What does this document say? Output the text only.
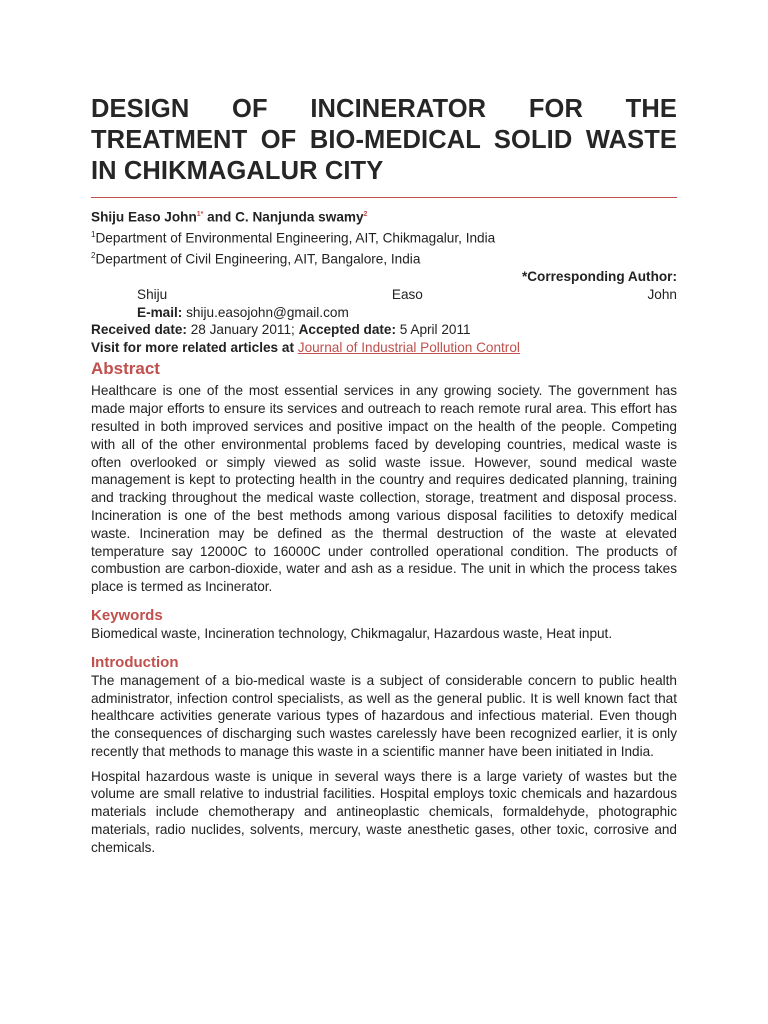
DESIGN OF INCINERATOR FOR THE
TREATMENT OF BIO-MEDICAL SOLID WASTE
IN CHIKMAGALUR CITY

Shiju Easo John$^{1*}$ and C. Nanjunda swamy$^2$

$^1$Department of Environmental Engineering, AIT, Chikmagalur, India

$^2$Department of Civil Engineering, AIT, Bangalore, India

*Corresponding Author:
Shiju	Easo	John
E-mail: shiju.easojohn@gmail.com
Received date: 28 January 2011; Accepted date: 5 April 2011
Visit for more related articles at Journal of Industrial Pollution Control
Abstract

Healthcare is one of the most essential services in any growing society. The government has made major efforts to ensure its services and outreach to reach remote rural area. This effort has resulted in both improved services and positive impact on the health of the people. Competing with all of the other environmental problems faced by developing countries, medical waste is often overlooked or simply viewed as solid waste issue. However, sound medical waste management is kept to protecting health in the country and requires dedicated planning, training and tracking throughout the medical waste collection, storage, treatment and disposal process. Incineration is one of the best methods among various disposal facilities to detoxify medical waste. Incineration may be defined as the thermal destruction of the waste at elevated temperature say 12000C to 16000C under controlled operational condition. The products of combustion are carbon-dioxide, water and ash as a residue. The unit in which the process takes place is termed as Incinerator.

Keywords

Biomedical waste, Incineration technology, Chikmagalur, Hazardous waste, Heat input.

Introduction

The management of a bio-medical waste is a subject of considerable concern to public health administrator, infection control specialists, as well as the general public. It is well known fact that healthcare activities generate various types of hazardous and infectious material. Even though the consequences of discharging such wastes carelessly have been recognized earlier, it is only recently that methods to manage this waste in a scientific manner have been initiated in India.

Hospital hazardous waste is unique in several ways there is a large variety of wastes but the volume are small relative to industrial facilities. Hospital employs toxic chemicals and hazardous materials include chemotherapy and antineoplastic chemicals, formaldehyde, photographic materials, radio nuclides, solvents, mercury, waste anesthetic gases, other toxic, corrosive and chemicals.
